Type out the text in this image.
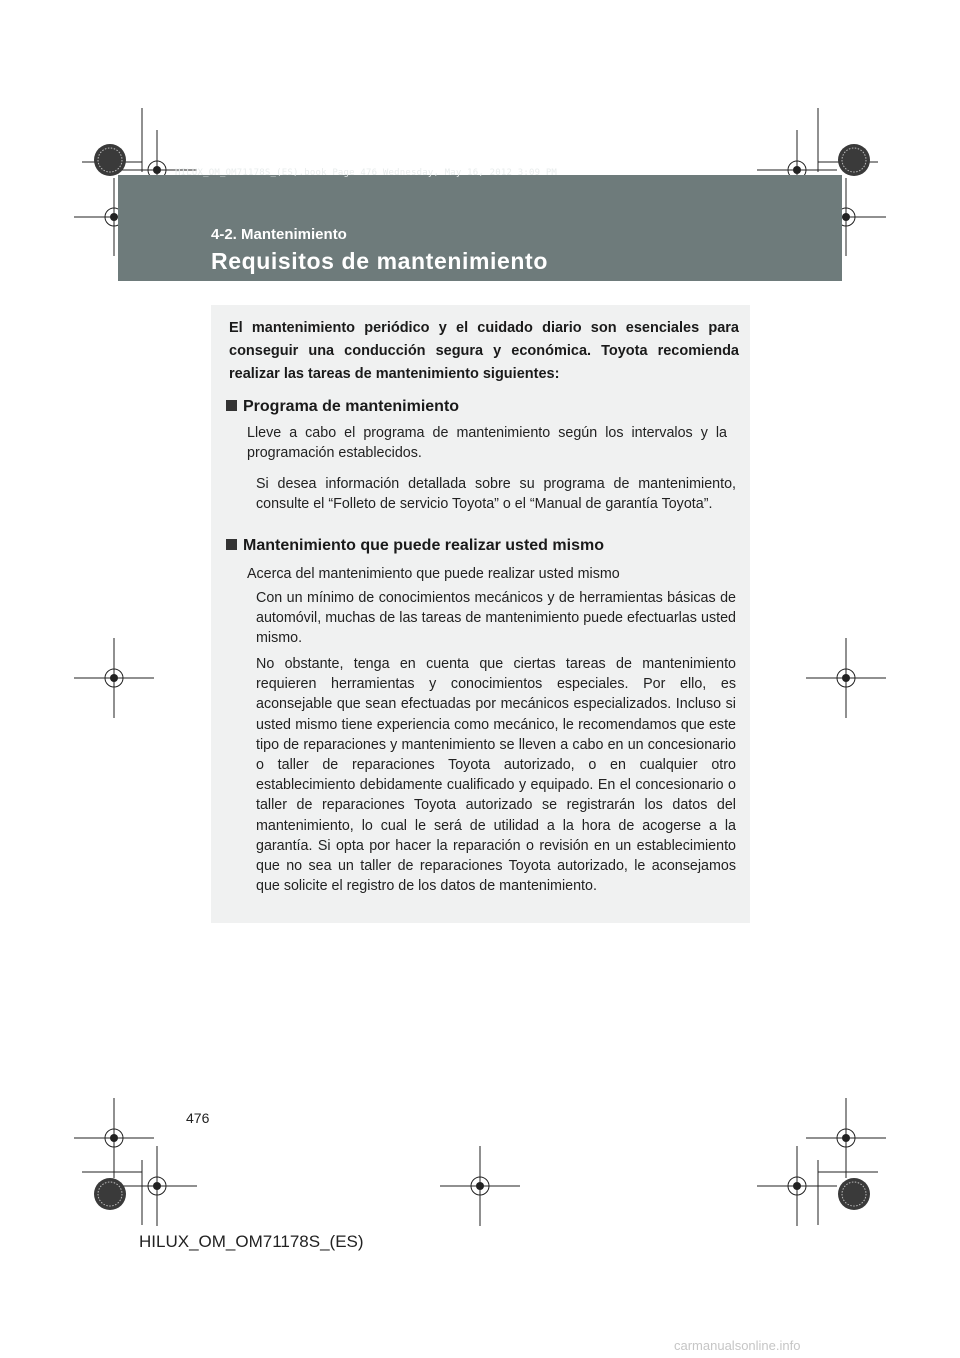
HILUX_OM_OM71178S_(ES).book Page 476 Wednesday, May 16, 2012 3:09 PM
4-2. Mantenimiento
Requisitos de mantenimiento

El mantenimiento periódico y el cuidado diario son esenciales para conseguir una conducción segura y económica. Toyota recomienda realizar las tareas de mantenimiento siguientes:

Programa de mantenimiento

Lleve a cabo el programa de mantenimiento según los intervalos y la programación establecidos.

Si desea información detallada sobre su programa de mantenimiento, consulte el “Folleto de servicio Toyota” o el “Manual de garantía Toyota”.

Mantenimiento que puede realizar usted mismo

Acerca del mantenimiento que puede realizar usted mismo

Con un mínimo de conocimientos mecánicos y de herramientas básicas de automóvil, muchas de las tareas de mantenimiento puede efectuarlas usted mismo.

No obstante, tenga en cuenta que ciertas tareas de mantenimiento requieren herramientas y conocimientos especiales. Por ello, es aconsejable que sean efectuadas por mecánicos especializados. Incluso si usted mismo tiene experiencia como mecánico, le recomendamos que este tipo de reparaciones y mantenimiento se lleven a cabo en un concesionario o taller de reparaciones Toyota autorizado, o en cualquier otro establecimiento debidamente cualificado y equipado. En el concesionario o taller de reparaciones Toyota autorizado se registrarán los datos del mantenimiento, lo cual le será de utilidad a la hora de acogerse a la garantía. Si opta por hacer la reparación o revisión en un establecimiento que no sea un taller de reparaciones Toyota autorizado, le aconsejamos que solicite el registro de los datos de mantenimiento.

476
HILUX_OM_OM71178S_(ES)
carmanualsonline.info
